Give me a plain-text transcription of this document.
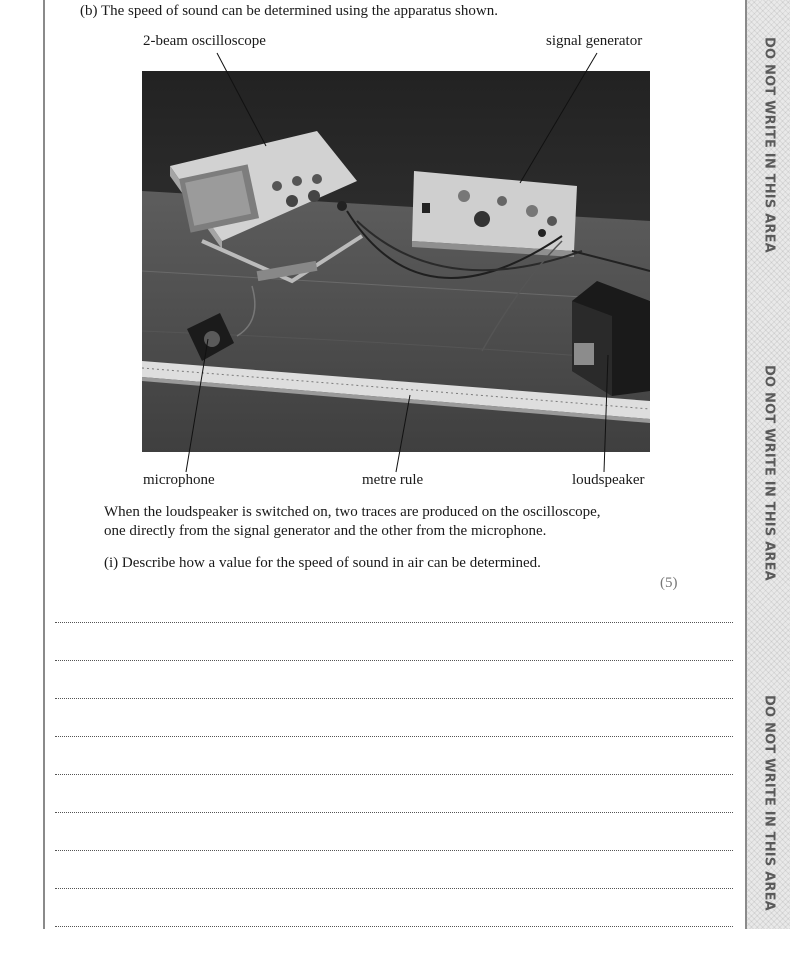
DO NOT WRITE IN THIS AREA
DO NOT WRITE IN THIS AREA
DO NOT WRITE IN THIS AREA
(b) The speed of sound can be determined using the apparatus shown.
2-beam oscilloscope	signal generator
microphone	metre rule	loudspeaker
When the loudspeaker is switched on, two traces are produced on the oscilloscope,
one directly from the signal generator and the other from the microphone.
(i) Describe how a value for the speed of sound in air can be determined.
(5)
